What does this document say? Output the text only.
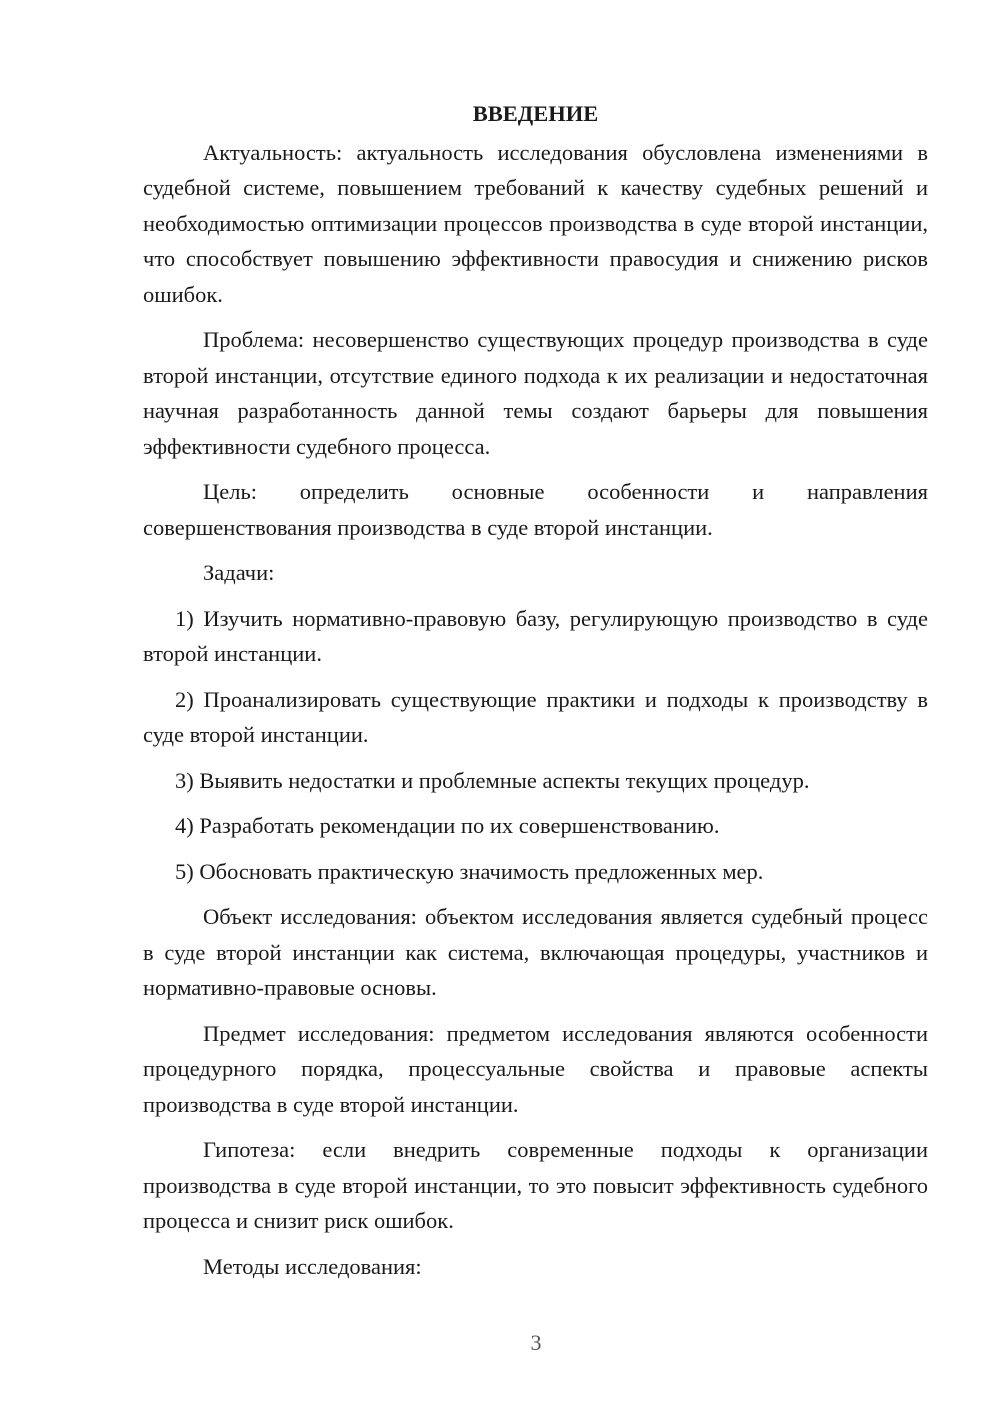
ВВЕДЕНИЕ

Актуальность: актуальность исследования обусловлена изменениями в судебной системе, повышением требований к качеству судебных решений и необходимостью оптимизации процессов производства в суде второй инстанции, что способствует повышению эффективности правосудия и снижению рисков ошибок.

Проблема: несовершенство существующих процедур производства в суде второй инстанции, отсутствие единого подхода к их реализации и недостаточная научная разработанность данной темы создают барьеры для повышения эффективности судебного процесса.

Цель: определить основные особенности и направления совершенствования производства в суде второй инстанции.

Задачи:

1) Изучить нормативно-правовую базу, регулирующую производство в суде второй инстанции.

2) Проанализировать существующие практики и подходы к производству в суде второй инстанции.

3) Выявить недостатки и проблемные аспекты текущих процедур.

4) Разработать рекомендации по их совершенствованию.

5) Обосновать практическую значимость предложенных мер.

Объект исследования: объектом исследования является судебный процесс в суде второй инстанции как система, включающая процедуры, участников и нормативно-правовые основы.

Предмет исследования: предметом исследования являются особенности процедурного порядка, процессуальные свойства и правовые аспекты производства в суде второй инстанции.

Гипотеза: если внедрить современные подходы к организации производства в суде второй инстанции, то это повысит эффективность судебного процесса и снизит риск ошибок.

Методы исследования:

3
